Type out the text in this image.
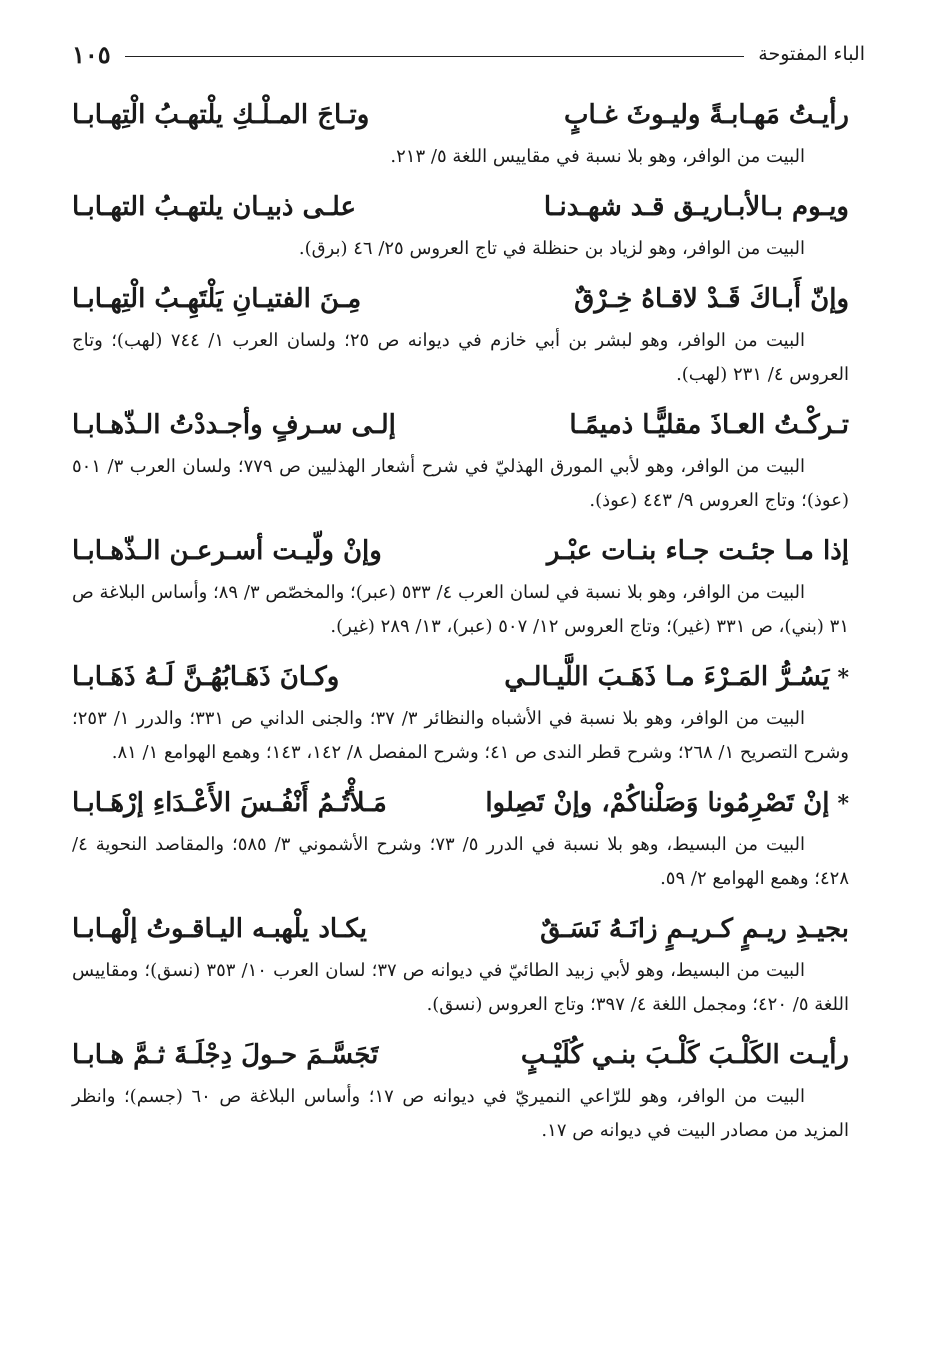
الباء المفتوحة
١٠٥
رأيـتُ مَهـابـةً وليـوثَ غـابٍ
وتـاجَ المـلْـكِ يلْتهـبُ الْتِهـابـا

البيت من الوافر، وهو بلا نسبة في مقاييس اللغة ٥/ ٢١٣.

ويـوم بـالأبـاريـق قـد شهـدنـا
علـى ذبيـان يلتهـبُ التهـابـا

البيت من الوافر، وهو لزياد بن حنظلة في تاج العروس ٢٥/ ٤٦ (برق).

وإنّ أَبـاكَ قَـدْ لاقـاهُ خِـرْقٌ
مِـنَ الفتيـانِ يَلْتَهِـبُ الْتِهـابـا

البيت من الوافر، وهو لبشر بن أبي خازم في ديوانه ص ٢٥؛ ولسان العرب ١/ ٧٤٤ (لهب)؛ وتاج العروس ٤/ ٢٣١ (لهب).

تـركْـتُ العـاذَ مقليًّـا ذميمًـا
إلـى سـرفٍ وأجـددْتُ الـذّهـابـا

البيت من الوافر، وهو لأبي المورق الهذليّ في شرح أشعار الهذليين ص ٧٧٩؛ ولسان العرب ٣/ ٥٠١ (عوذ)؛ وتاج العروس ٩/ ٤٤٣ (عوذ).

إذا مـا جئـت جـاء بنـات عبْـر
وإنْ ولّيـت أسـرعـن الـذّهـابـا

البيت من الوافر، وهو بلا نسبة في لسان العرب ٤/ ٥٣٣ (عبر)؛ والمخصّص ٣/ ٨٩؛ وأساس البلاغة ص ٣١ (بني)، ص ٣٣١ (غير)؛ وتاج العروس ١٢/ ٥٠٧ (عبر)، ١٣/ ٢٨٩ (غير).

*يَسُـرُّ المَـرْءَ مـا ذَهَـبَ اللَّيـالـي
وكـانَ ذَهَـابُهُـنَّ لَـهُ ذَهَـابـا

البيت من الوافر، وهو بلا نسبة في الأشباه والنظائر ٣/ ٣٧؛ والجنى الداني ص ٣٣١؛ والدرر ١/ ٢٥٣؛ وشرح التصريح ١/ ٢٦٨؛ وشرح قطر الندى ص ٤١؛ وشرح المفصل ٨/ ١٤٢، ١٤٣؛ وهمع الهوامع ١/ ٨١.

*إنْ تَصْرِمُونا وَصَلْناكُمْ، وإنْ تَصِلوا
مَـلأْتُـمُ أَنْفُـسَ الأَعْـدَاءِ إرْهَـابـا

البيت من البسيط، وهو بلا نسبة في الدرر ٥/ ٧٣؛ وشرح الأشموني ٣/ ٥٨٥؛ والمقاصد النحوية ٤/ ٤٢٨؛ وهمع الهوامع ٢/ ٥٩.

بجيـدِ ريـمٍ كـريـمٍ زانَـهُ نَسَـقٌ
يكـاد يلْهبـه اليـاقـوتُ إلْهـابـا

البيت من البسيط، وهو لأبي زبيد الطائيّ في ديوانه ص ٣٧؛ لسان العرب ١٠/ ٣٥٣ (نسق)؛ ومقاييس اللغة ٥/ ٤٢٠؛ ومجمل اللغة ٤/ ٣٩٧؛ وتاج العروس (نسق).

رأيـت الكَلْـبَ كَلْـبَ بنـي كُلَيْـبٍ
تَجَسَّـمَ حـولَ دِجْلَـةَ ثـمَّ هـابـا

البيت من الوافر، وهو للرّاعي النميريّ في ديوانه ص ١٧؛ وأساس البلاغة ص ٦٠ (جسم)؛ وانظر المزيد من مصادر البيت في ديوانه ص ١٧.
